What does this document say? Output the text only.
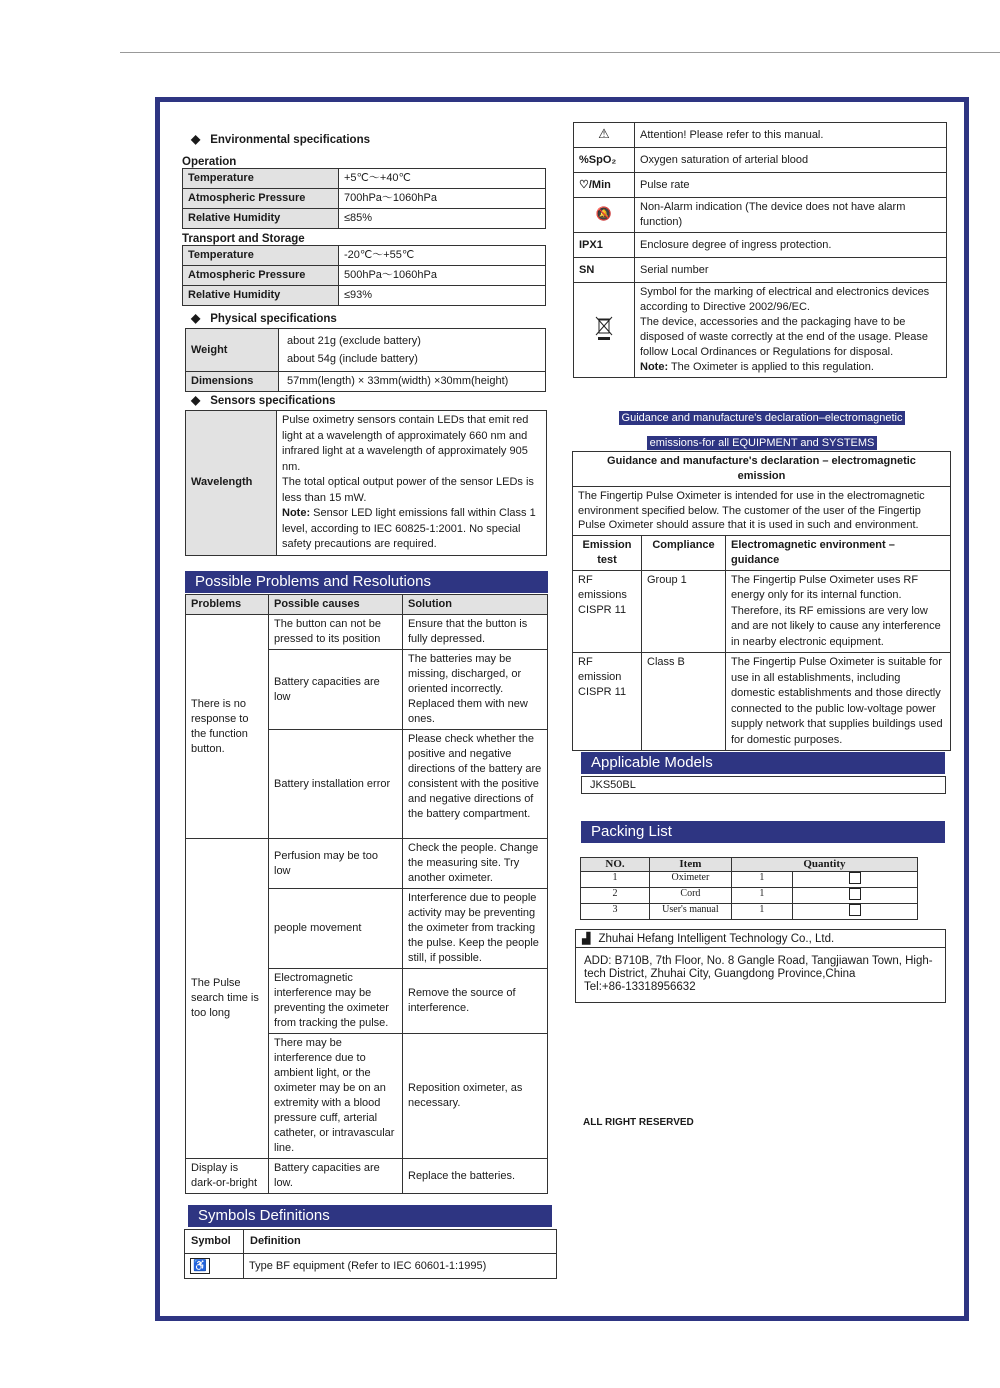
◆ Environmental specifications
Operation
Temperature	+5℃～+40℃
Atmospheric Pressure	700hPa～1060hPa
Relative Humidity	≤85%
Transport and Storage
Temperature	-20℃～+55℃
Atmospheric Pressure	500hPa～1060hPa
Relative Humidity	≤93%
◆ Physical specifications
Weight	about 21g (exclude battery)
about 54g (include battery)

Dimensions	57mm(length) × 33mm(width) ×30mm(height)
◆ Sensors specifications
Wavelength	
Pulse oximetry sensors contain LEDs that emit red light at a wavelength of approximately 660 nm and infrared light at a wavelength of approximately 905 nm.
The total optical output power of the sensor LEDs is less than 15 mW.
Note: Sensor LED light emissions fall within Class 1 level, according to IEC 60825-1:2001. No special safety precautions are required.
Possible Problems and Resolutions
Problems	Possible causes	Solution
There is no response to the function button.	The button can not be pressed to its position	Ensure that the button is fully depressed.
	Battery capacities are low	The batteries may be missing, discharged, or oriented incorrectly. Replaced them with new ones.
	Battery installation error	Please check whether the positive and negative directions of the battery are consistent with the positive and negative directions of the battery compartment.
The Pulse search time is too long	Perfusion may be too low	Check the people. Change the measuring site. Try another oximeter.
	people movement	Interference due to people activity may be preventing the oximeter from tracking the pulse. Keep the people still, if possible.
	Electromagnetic interference may be preventing the oximeter from tracking the pulse.	Remove the source of interference.
	There may be interference due to ambient light, or the oximeter may be on an extremity with a blood pressure cuff, arterial catheter, or intravascular line.	Reposition oximeter, as necessary.
Display is dark-or-bright	Battery capacities are low.	Replace the batteries.
Symbols Definitions
Symbol	Definition
♿	Type BF equipment (Refer to IEC 60601-1:1995)
⚠	Attention! Please refer to this manual.
%SpO₂	Oxygen saturation of arterial blood
♡/Min	Pulse rate
🔕	Non-Alarm indication (The device does not have alarm function)
IPX1	Enclosure degree of ingress protection.
SN	Serial number

Symbol for the marking of electrical and electronics devices according to Directive 2002/96/EC.
The device, accessories and the packaging have to be disposed of waste correctly at the end of the usage. Please follow Local Ordinances or Regulations for disposal.
Note: The Oximeter is applied to this regulation.
Guidance and manufacture's declaration–electromagnetic
emissions-for all EQUIPMENT and SYSTEMS
Guidance and manufacture's declaration – electromagnetic emission		
The Fingertip Pulse Oximeter is intended for use in the electromagnetic environment specified below. The customer of the user of the Fingertip Pulse Oximeter should assure that it is used in such and environment.		
Emission test	Compliance	Electromagnetic environment – guidance
RF emissions CISPR 11	Group 1	The Fingertip Pulse Oximeter uses RF energy only for its internal function. Therefore, its RF emissions are very low and are not likely to cause any interference in nearby electronic equipment.
RF emission CISPR 11	Class B	The Fingertip Pulse Oximeter is suitable for use in all establishments, including domestic establishments and those directly connected to the public low-voltage power supply network that supplies buildings used for domestic purposes.
Applicable Models
JKS50BL
Packing List
NO.	Item	Quantity	
1	Oximeter	1	
2	Cord	1	
3	User's manual	1	
▟ Zhuhai Hefang Intelligent Technology Co., Ltd.
ADD: B710B, 7th Floor, No. 8 Gangle Road, Tangjiawan Town, High-tech District, Zhuhai City, Guangdong Province,China
Tel:+86-13318956632
ALL RIGHT RESERVED
